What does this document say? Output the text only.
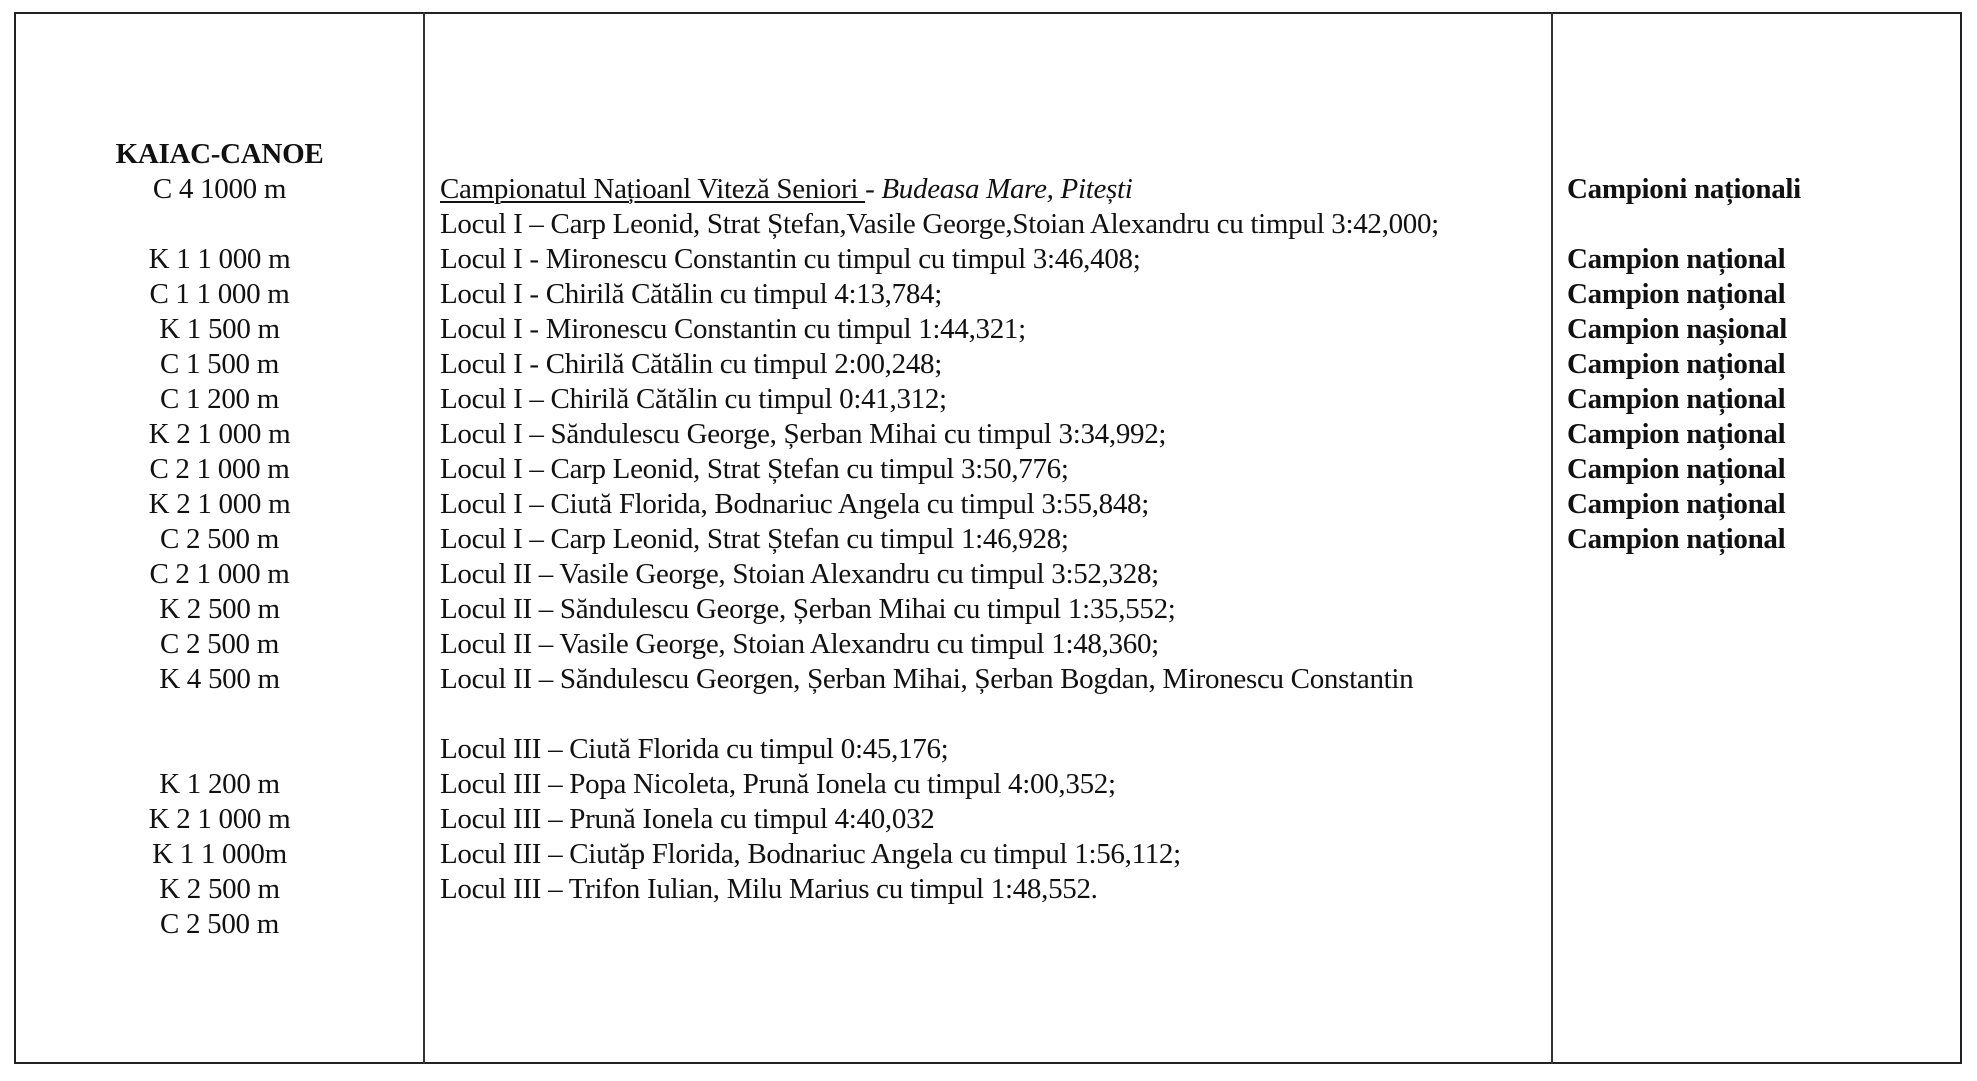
KAIAC-CANOE
C 4 1000 m
K 1 1 000 m
C 1 1 000 m
K 1 500 m
C 1 500 m
C 1 200 m
K 2 1 000 m
C 2 1 000 m
K 2 1 000 m
C 2 500 m
C 2 1 000 m
K 2 500 m
C 2 500 m
K 4 500 m
K 1 200 m
K 2 1 000 m
K 1 1 000m
K 2 500 m
C 2 500 m
Campionatul Națioanl Viteză Seniori - Budeasa Mare, Pitești
Locul I – Carp Leonid, Strat Ștefan,Vasile George,Stoian Alexandru cu timpul 3:42,000;
Locul I - Mironescu Constantin cu timpul cu timpul 3:46,408;
Locul I - Chirilă Cătălin cu timpul 4:13,784;
Locul I - Mironescu Constantin cu timpul 1:44,321;
Locul I - Chirilă Cătălin cu timpul 2:00,248;
Locul I – Chirilă Cătălin cu timpul 0:41,312;
Locul I – Săndulescu George, Șerban Mihai cu timpul 3:34,992;
Locul I – Carp Leonid, Strat Ștefan cu timpul 3:50,776;
Locul I – Ciută Florida, Bodnariuc Angela cu timpul 3:55,848;
Locul I – Carp Leonid, Strat Ștefan cu timpul 1:46,928;
Locul II – Vasile George, Stoian Alexandru cu timpul 3:52,328;
Locul II – Săndulescu George, Șerban Mihai cu timpul 1:35,552;
Locul II – Vasile George, Stoian Alexandru cu timpul 1:48,360;
Locul II – Săndulescu Georgen, Șerban Mihai, Șerban Bogdan, Mironescu Constantin
Locul III – Ciută Florida cu timpul 0:45,176;
Locul III – Popa Nicoleta, Prună Ionela cu timpul 4:00,352;
Locul III – Prună Ionela cu timpul 4:40,032
Locul III – Ciutăp Florida, Bodnariuc Angela cu timpul 1:56,112;
Locul III – Trifon Iulian, Milu Marius cu timpul 1:48,552.
Campioni naționali
Campion național
Campion național
Campion nașional
Campion național
Campion național
Campion național
Campion național
Campion național
Campion național
